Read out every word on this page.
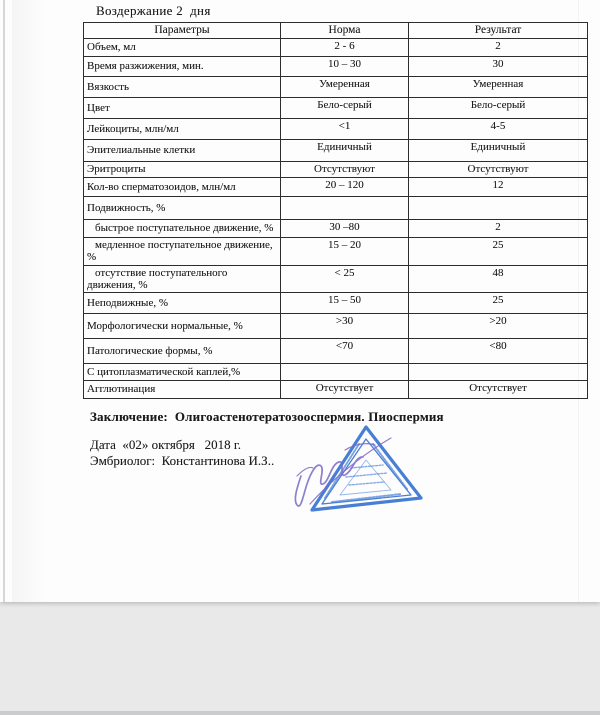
Воздержание 2  дня
Параметры	Норма	Результат
Объем, мл	2 - 6	2
Время разжижения, мин.	10 – 30	30
Вязкость	Умеренная	Умеренная
Цвет	Бело-серый	Бело-серый
Лейкоциты, млн/мл	<1	4-5
Эпителиальные клетки	Единичный	Единичный
Эритроциты	Отсутствуют	Отсутствуют
Кол-во сперматозоидов, млн/мл	20 – 120	12
Подвижность, %		
быстрое поступательное движение, %	30 –80	2
медленное поступательное движение, %	15 – 20	25
отсутствие поступательного движения, %	< 25	48
Неподвижные, %	15 – 50	25
Морфологически нормальные, %	>30	>20
Патологические формы, %	<70	<80
С цитоплазматической каплей,%		
Агглютинация	Отсутствует	Отсутствует
Заключение: Олигоастенотератозооспермия. Пиоспермия
Дата  «02» октября   2018 г.
Эмбриолог:  Константинова И.З..
